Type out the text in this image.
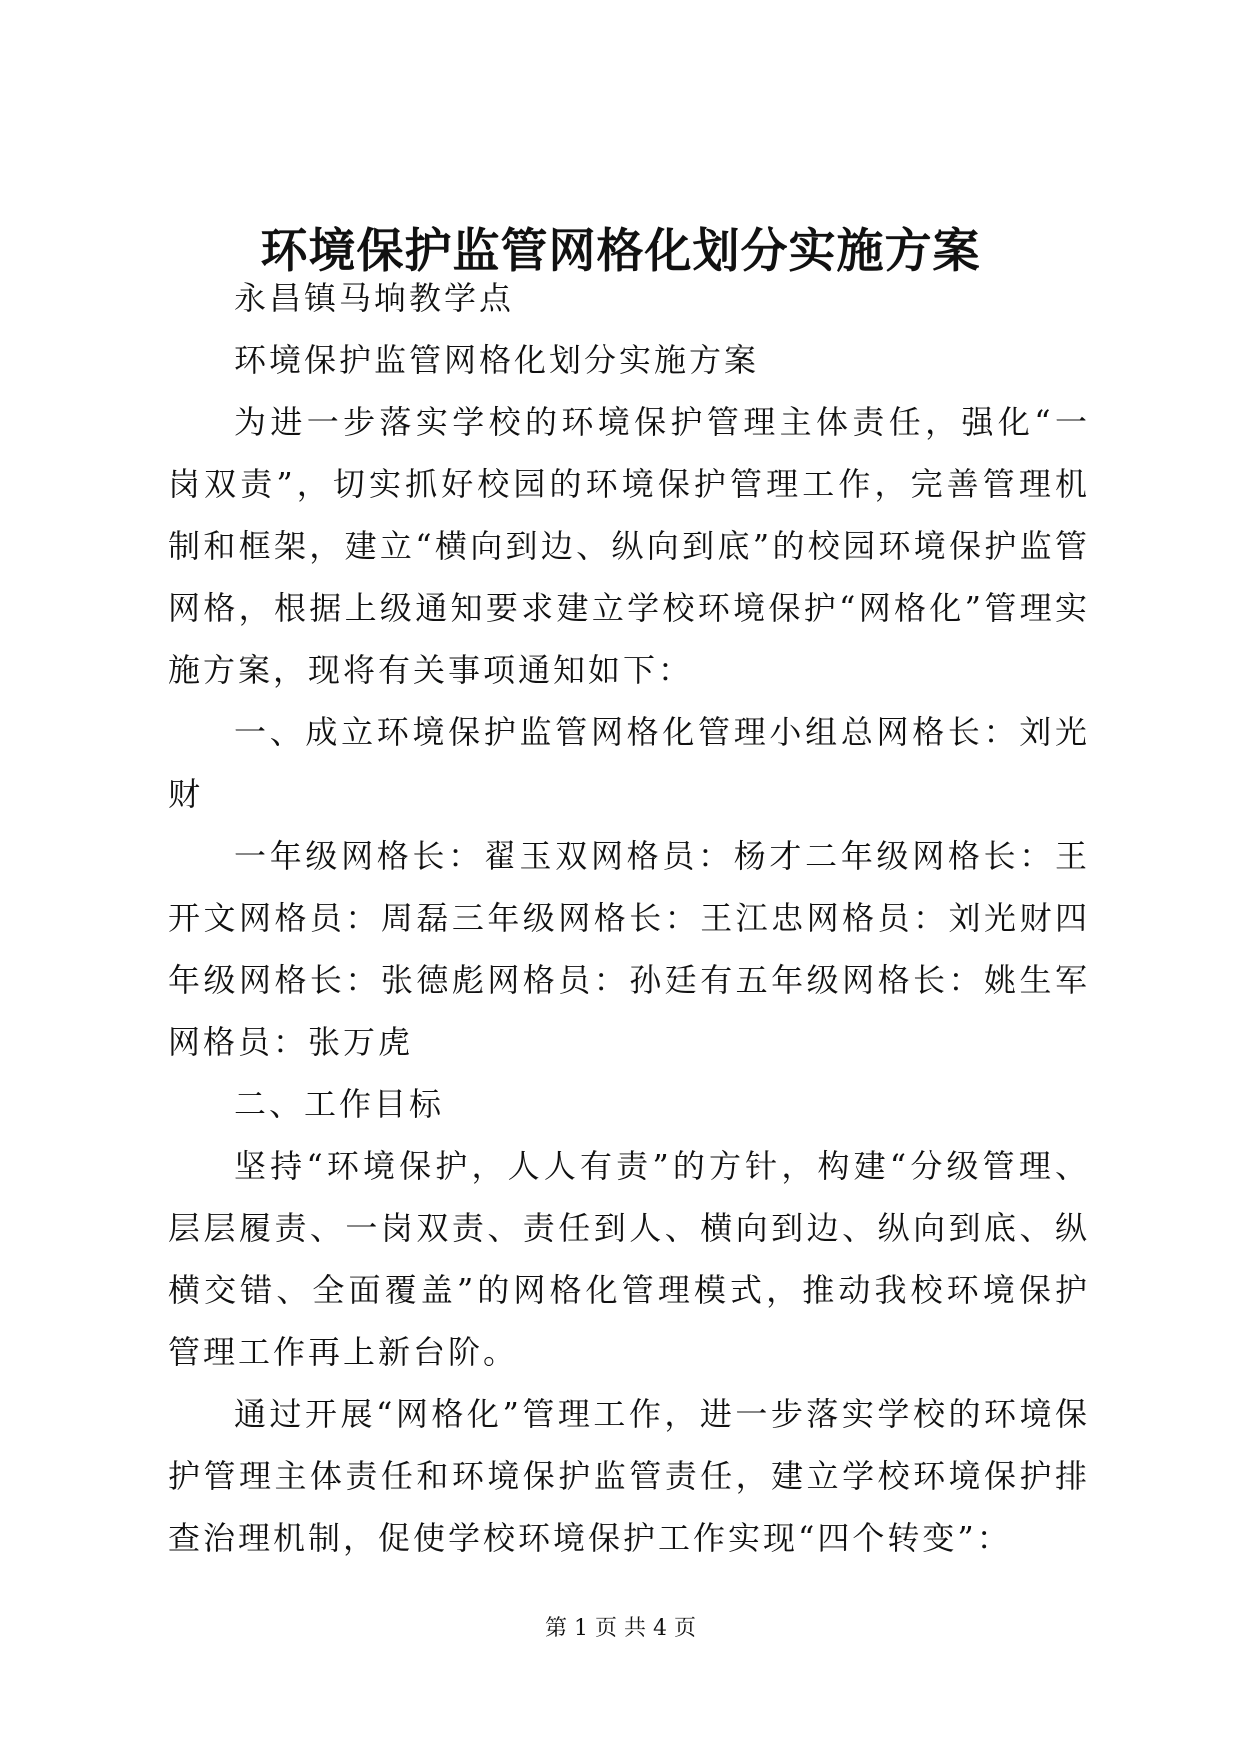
环境保护监管网格化划分实施方案

永昌镇马垧教学点

环境保护监管网格化划分实施方案

为进一步落实学校的环境保护管理主体责任，强化“一岗双责”，切实抓好校园的环境保护管理工作，完善管理机制和框架，建立“横向到边、纵向到底”的校园环境保护监管网格，根据上级通知要求建立学校环境保护“网格化”管理实施方案，现将有关事项通知如下：

一、成立环境保护监管网格化管理小组总网格长：刘光财

一年级网格长：翟玉双网格员：杨才二年级网格长：王开文网格员：周磊三年级网格长：王江忠网格员：刘光财四年级网格长：张德彪网格员：孙廷有五年级网格长：姚生军网格员：张万虎

二、工作目标

坚持“环境保护，人人有责”的方针，构建“分级管理、层层履责、一岗双责、责任到人、横向到边、纵向到底、纵横交错、全面覆盖”的网格化管理模式，推动我校环境保护管理工作再上新台阶。

通过开展“网格化”管理工作，进一步落实学校的环境保护管理主体责任和环境保护监管责任，建立学校环境保护排查治理机制，促使学校环境保护工作实现“四个转变”：

第 1 页 共 4 页
